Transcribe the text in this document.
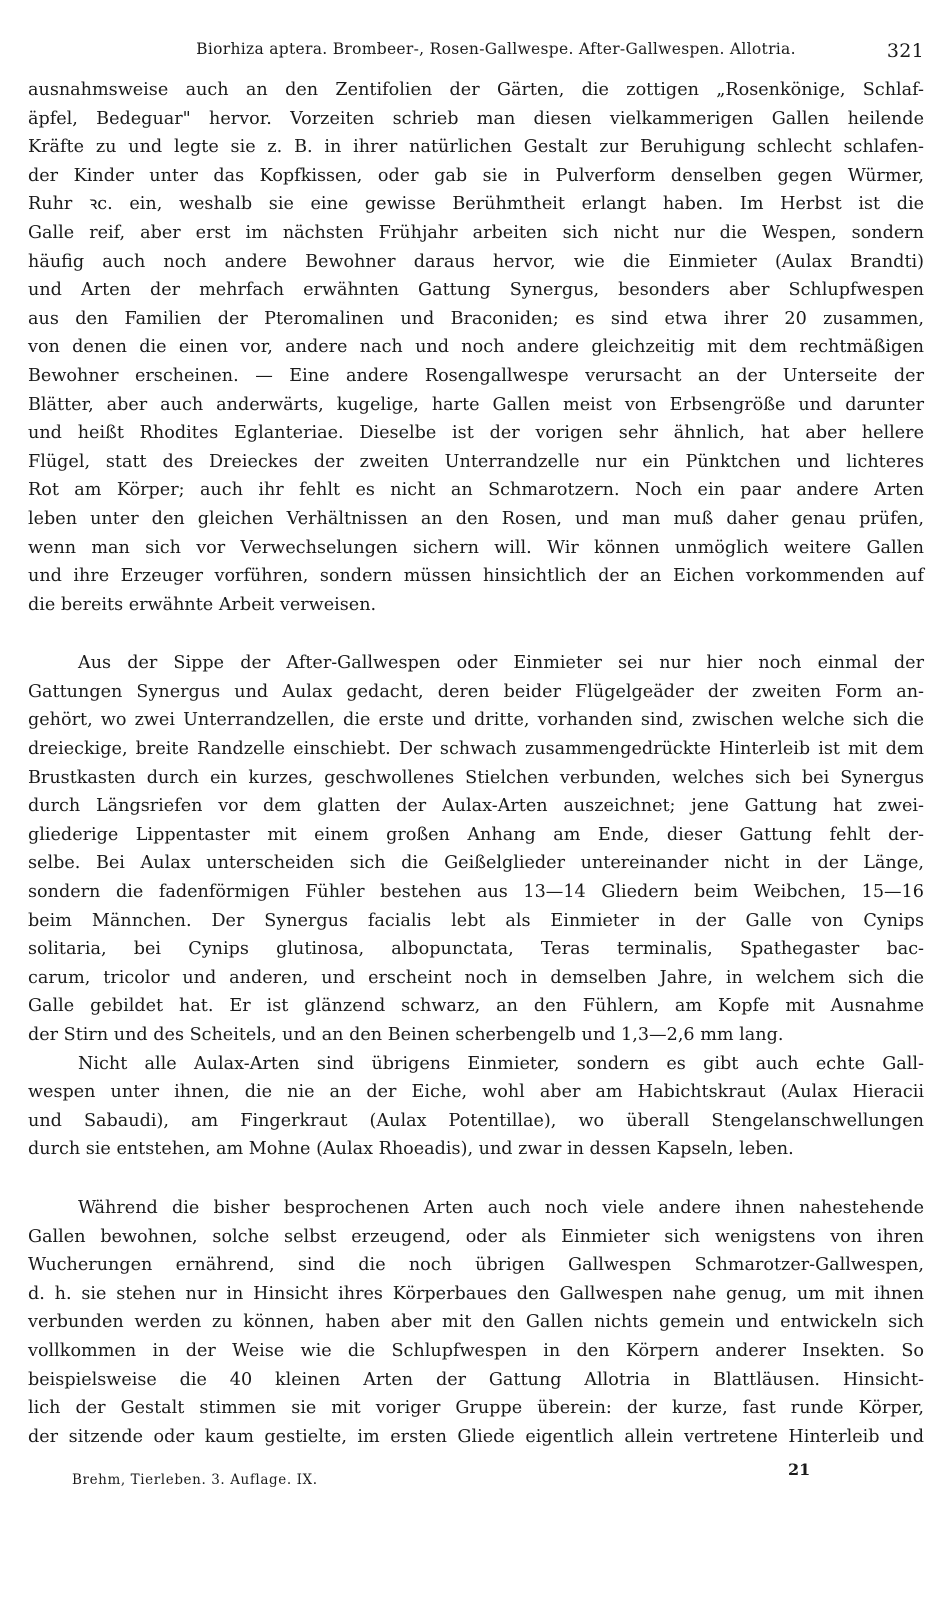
Biorhiza aptera. Brombeer-, Rosen-Gallwespe. After-Gallwespen. Allotria.	321
ausnahmsweise auch an den Zentifolien der Gärten, die zottigen „Rosenkönige, Schlaf-
äpfel, Bedeguar" hervor. Vorzeiten schrieb man diesen vielkammerigen Gallen heilende
Kräfte zu und legte sie z. B. in ihrer natürlichen Gestalt zur Beruhigung schlecht schlafen-
der Kinder unter das Kopfkissen, oder gab sie in Pulverform denselben gegen Würmer,
Ruhr ꝛc. ein, weshalb sie eine gewisse Berühmtheit erlangt haben. Im Herbst ist die
Galle reif, aber erst im nächsten Frühjahr arbeiten sich nicht nur die Wespen, sondern
häufig auch noch andere Bewohner daraus hervor, wie die Einmieter (Aulax Brandti)
und Arten der mehrfach erwähnten Gattung Synergus, besonders aber Schlupfwespen
aus den Familien der Pteromalinen und Braconiden; es sind etwa ihrer 20 zusammen,
von denen die einen vor, andere nach und noch andere gleichzeitig mit dem rechtmäßigen
Bewohner erscheinen. — Eine andere Rosengallwespe verursacht an der Unterseite der
Blätter, aber auch anderwärts, kugelige, harte Gallen meist von Erbsengröße und darunter
und heißt Rhodites Eglanteriae. Dieselbe ist der vorigen sehr ähnlich, hat aber hellere
Flügel, statt des Dreieckes der zweiten Unterrandzelle nur ein Pünktchen und lichteres
Rot am Körper; auch ihr fehlt es nicht an Schmarotzern. Noch ein paar andere Arten
leben unter den gleichen Verhältnissen an den Rosen, und man muß daher genau prüfen,
wenn man sich vor Verwechselungen sichern will. Wir können unmöglich weitere Gallen
und ihre Erzeuger vorführen, sondern müssen hinsichtlich der an Eichen vorkommenden auf
die bereits erwähnte Arbeit verweisen.
Aus der Sippe der After-Gallwespen oder Einmieter sei nur hier noch einmal der
Gattungen Synergus und Aulax gedacht, deren beider Flügelgeäder der zweiten Form an-
gehört, wo zwei Unterrandzellen, die erste und dritte, vorhanden sind, zwischen welche sich die
dreieckige, breite Randzelle einschiebt. Der schwach zusammengedrückte Hinterleib ist mit dem
Brustkasten durch ein kurzes, geschwollenes Stielchen verbunden, welches sich bei Synergus
durch Längsriefen vor dem glatten der Aulax-Arten auszeichnet; jene Gattung hat zwei-
gliederige Lippentaster mit einem großen Anhang am Ende, dieser Gattung fehlt der-
selbe. Bei Aulax unterscheiden sich die Geißelglieder untereinander nicht in der Länge,
sondern die fadenförmigen Fühler bestehen aus 13—14 Gliedern beim Weibchen, 15—16
beim Männchen. Der Synergus facialis lebt als Einmieter in der Galle von Cynips
solitaria, bei Cynips glutinosa, albopunctata, Teras terminalis, Spathegaster bac-
carum, tricolor und anderen, und erscheint noch in demselben Jahre, in welchem sich die
Galle gebildet hat. Er ist glänzend schwarz, an den Fühlern, am Kopfe mit Ausnahme
der Stirn und des Scheitels, und an den Beinen scherbengelb und 1,3—2,6 mm lang.
Nicht alle Aulax-Arten sind übrigens Einmieter, sondern es gibt auch echte Gall-
wespen unter ihnen, die nie an der Eiche, wohl aber am Habichtskraut (Aulax Hieracii
und Sabaudi), am Fingerkraut (Aulax Potentillae), wo überall Stengelanschwellungen
durch sie entstehen, am Mohne (Aulax Rhoeadis), und zwar in dessen Kapseln, leben.
Während die bisher besprochenen Arten auch noch viele andere ihnen nahestehende
Gallen bewohnen, solche selbst erzeugend, oder als Einmieter sich wenigstens von ihren
Wucherungen ernährend, sind die noch übrigen Gallwespen Schmarotzer-Gallwespen,
d. h. sie stehen nur in Hinsicht ihres Körperbaues den Gallwespen nahe genug, um mit ihnen
verbunden werden zu können, haben aber mit den Gallen nichts gemein und entwickeln sich
vollkommen in der Weise wie die Schlupfwespen in den Körpern anderer Insekten. So
beispielsweise die 40 kleinen Arten der Gattung Allotria in Blattläusen. Hinsicht-
lich der Gestalt stimmen sie mit voriger Gruppe überein: der kurze, fast runde Körper,
der sitzende oder kaum gestielte, im ersten Gliede eigentlich allein vertretene Hinterleib und
Brehm, Tierleben. 3. Auflage. IX.
21
